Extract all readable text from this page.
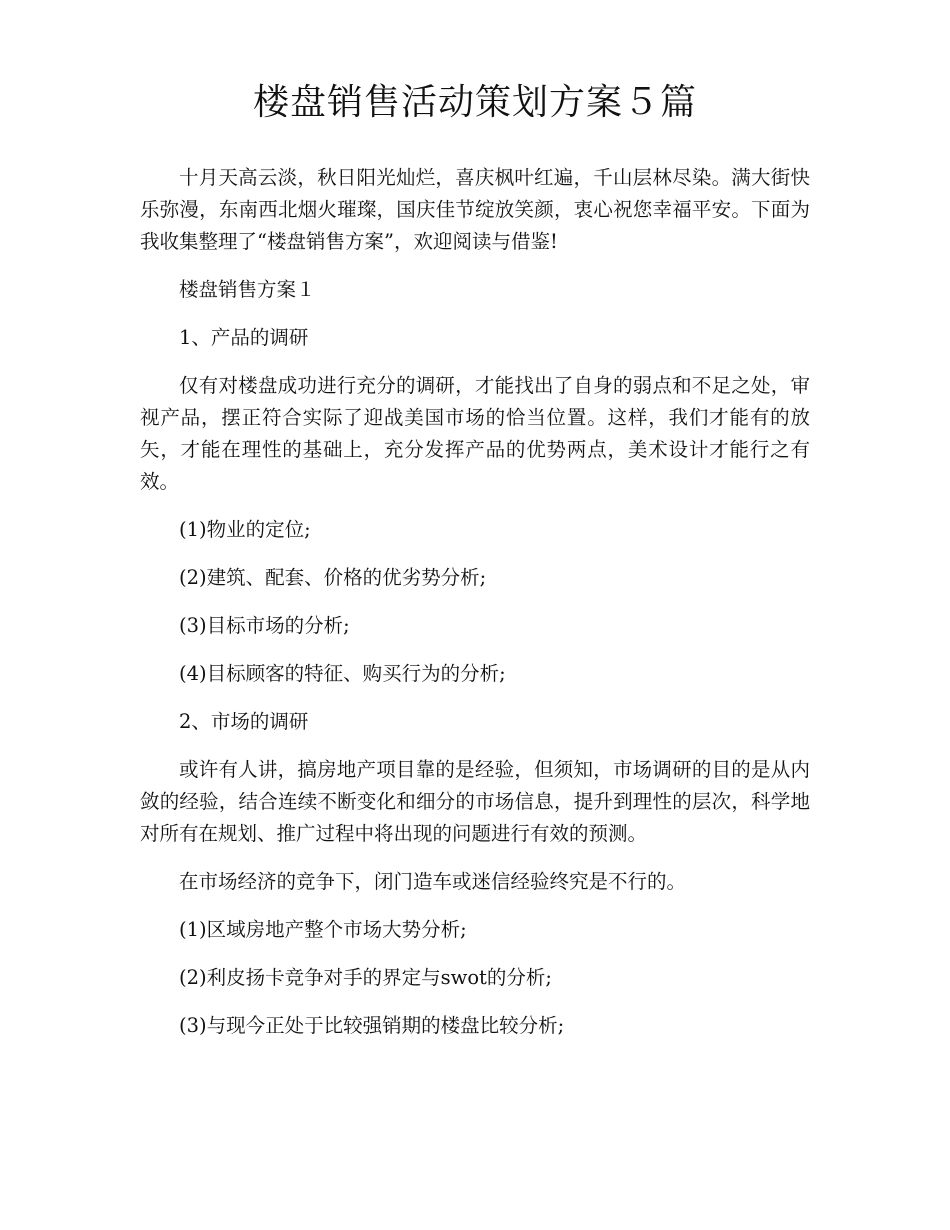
楼盘销售活动策划方案５篇

十月天高云淡，秋日阳光灿烂，喜庆枫叶红遍，千山层林尽染。满大街快乐弥漫，东南西北烟火璀璨，国庆佳节绽放笑颜，衷心祝您幸福平安。下面为我收集整理了“楼盘销售方案”，欢迎阅读与借鉴!

楼盘销售方案１

1、产品的调研

仅有对楼盘成功进行充分的调研，才能找出了自身的弱点和不足之处，审视产品，摆正符合实际了迎战美国市场的恰当位置。这样，我们才能有的放矢，才能在理性的基础上，充分发挥产品的优势两点，美术设计才能行之有效。

(1)物业的定位;

(2)建筑、配套、价格的优劣势分析;

(3)目标市场的分析;

(4)目标顾客的特征、购买行为的分析;

2、市场的调研

或许有人讲，搞房地产项目靠的是经验，但须知，市场调研的目的是从内敛的经验，结合连续不断变化和细分的市场信息，提升到理性的层次，科学地对所有在规划、推广过程中将出现的问题进行有效的预测。

在市场经济的竞争下，闭门造车或迷信经验终究是不行的。

(1)区域房地产整个市场大势分析;

(2)利皮扬卡竞争对手的界定与swot的分析;

(3)与现今正处于比较强销期的楼盘比较分析;
